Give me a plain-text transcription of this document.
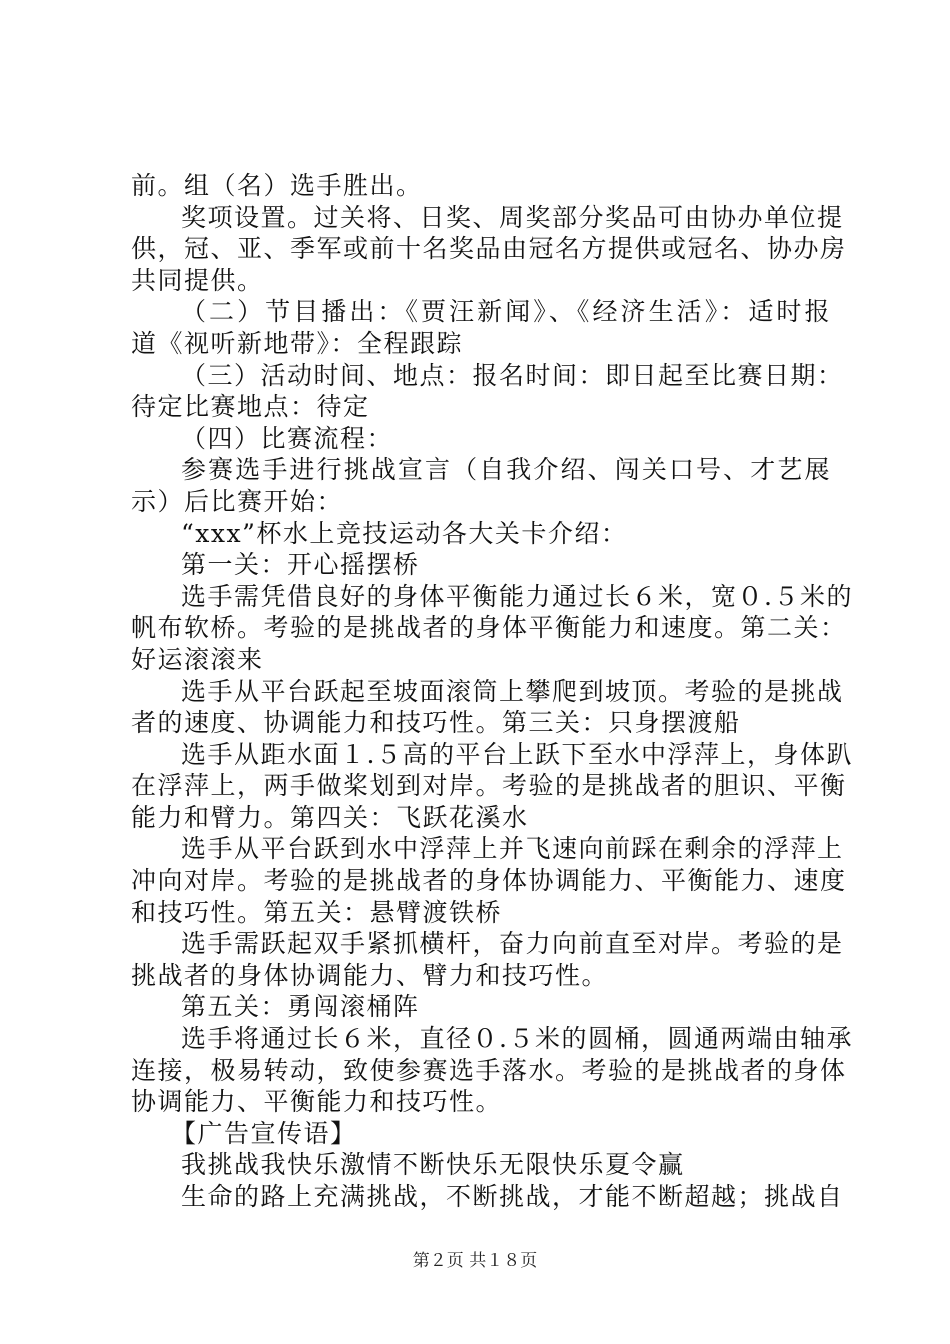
前。组（名）选手胜出。
奖项设置。过关将、日奖、周奖部分奖品可由协办单位提
供，冠、亚、季军或前十名奖品由冠名方提供或冠名、协办房
共同提供。
（二）节目播出：《贾汪新闻》、《经济生活》：适时报
道《视听新地带》：全程跟踪
（三）活动时间、地点：报名时间：即日起至比赛日期：
待定比赛地点：待定
（四）比赛流程：
参赛选手进行挑战宣言（自我介绍、闯关口号、才艺展
示）后比赛开始：
“xxx”杯水上竞技运动各大关卡介绍：
第一关：开心摇摆桥
选手需凭借良好的身体平衡能力通过长６米，宽０.５米的
帆布软桥。考验的是挑战者的身体平衡能力和速度。第二关：
好运滚滚来
选手从平台跃起至坡面滚筒上攀爬到坡顶。考验的是挑战
者的速度、协调能力和技巧性。第三关：只身摆渡船
选手从距水面１.５高的平台上跃下至水中浮萍上，身体趴
在浮萍上，两手做桨划到对岸。考验的是挑战者的胆识、平衡
能力和臂力。第四关：飞跃花溪水
选手从平台跃到水中浮萍上并飞速向前踩在剩余的浮萍上
冲向对岸。考验的是挑战者的身体协调能力、平衡能力、速度
和技巧性。第五关：悬臂渡铁桥
选手需跃起双手紧抓横杆，奋力向前直至对岸。考验的是
挑战者的身体协调能力、臂力和技巧性。
第五关：勇闯滚桶阵
选手将通过长６米，直径０.５米的圆桶，圆通两端由轴承
连接，极易转动，致使参赛选手落水。考验的是挑战者的身体
协调能力、平衡能力和技巧性。
【广告宣传语】
我挑战我快乐激情不断快乐无限快乐夏令赢
生命的路上充满挑战，不断挑战，才能不断超越；挑战自
第２页 共１８页
